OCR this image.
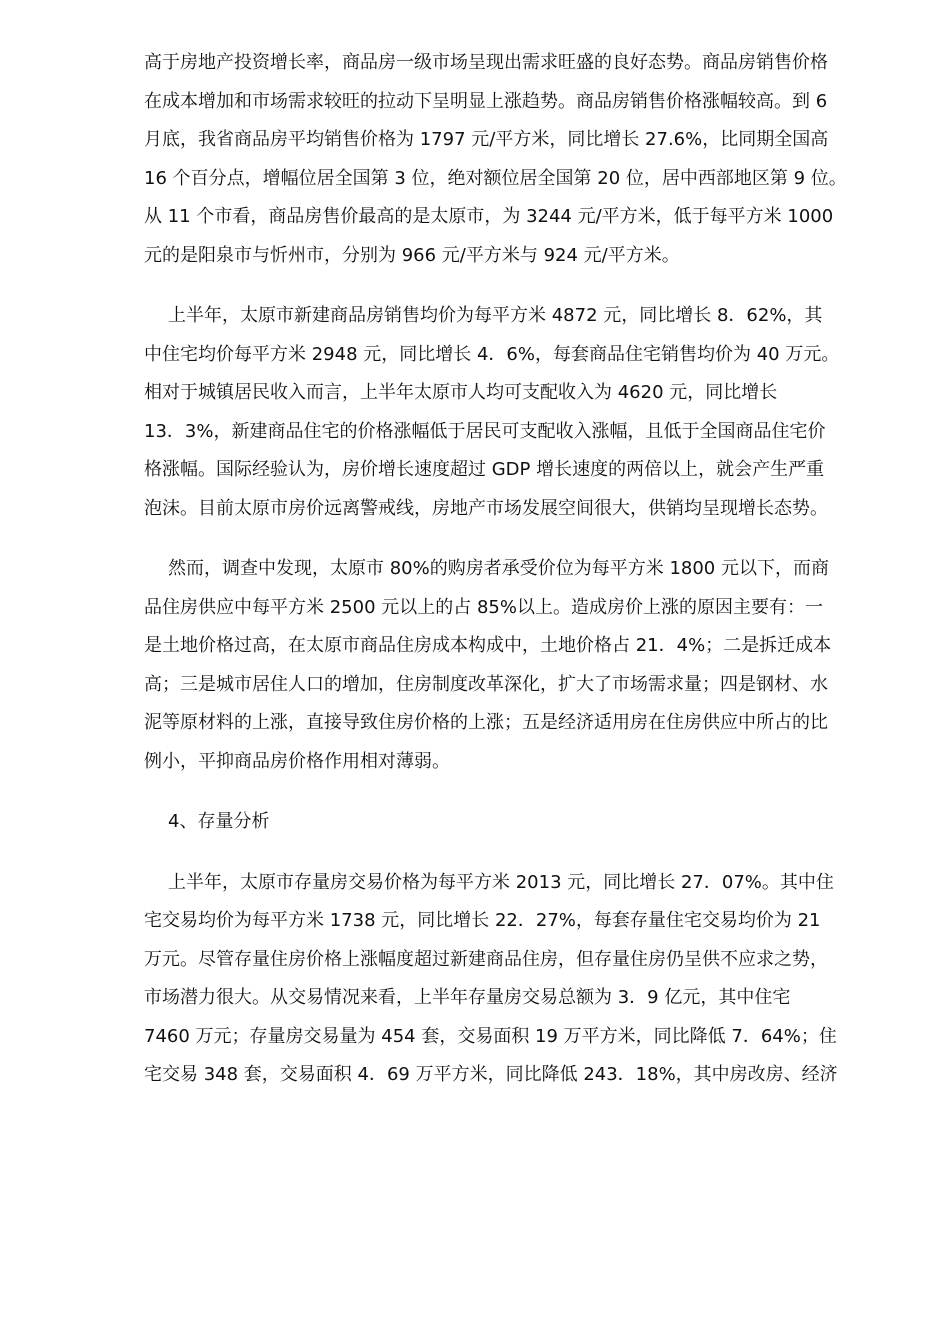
高于房地产投资增长率，商品房一级市场呈现出需求旺盛的良好态势。商品房销售价格
在成本增加和市场需求较旺的拉动下呈明显上涨趋势。商品房销售价格涨幅较高。到 6
月底，我省商品房平均销售价格为 1797 元/平方米，同比增长 27.6%，比同期全国高
16 个百分点，增幅位居全国第 3 位，绝对额位居全国第 20 位，居中西部地区第 9 位。
从 11 个市看，商品房售价最高的是太原市，为 3244 元/平方米，低于每平方米 1000
元的是阳泉市与忻州市，分别为 966 元/平方米与 924 元/平方米。
上半年，太原市新建商品房销售均价为每平方米 4872 元，同比增长 8．62%，其
中住宅均价每平方米 2948 元，同比增长 4．6%，每套商品住宅销售均价为 40 万元。
相对于城镇居民收入而言，上半年太原市人均可支配收入为 4620 元，同比增长
13．3%，新建商品住宅的价格涨幅低于居民可支配收入涨幅，且低于全国商品住宅价
格涨幅。国际经验认为，房价增长速度超过 GDP 增长速度的两倍以上，就会产生严重
泡沫。目前太原市房价远离警戒线，房地产市场发展空间很大，供销均呈现增长态势。
然而，调查中发现，太原市 80%的购房者承受价位为每平方米 1800 元以下，而商
品住房供应中每平方米 2500 元以上的占 85%以上。造成房价上涨的原因主要有：一
是土地价格过高，在太原市商品住房成本构成中，土地价格占 21．4%；二是拆迁成本
高；三是城市居住人口的增加，住房制度改革深化，扩大了市场需求量；四是钢材、水
泥等原材料的上涨，直接导致住房价格的上涨；五是经济适用房在住房供应中所占的比
例小，平抑商品房价格作用相对薄弱。
4、存量分析
上半年，太原市存量房交易价格为每平方米 2013 元，同比增长 27．07%。其中住
宅交易均价为每平方米 1738 元，同比增长 22．27%，每套存量住宅交易均价为 21
万元。尽管存量住房价格上涨幅度超过新建商品住房，但存量住房仍呈供不应求之势，
市场潜力很大。从交易情况来看，上半年存量房交易总额为 3．9 亿元，其中住宅
7460 万元；存量房交易量为 454 套，交易面积 19 万平方米，同比降低 7．64%；住
宅交易 348 套，交易面积 4．69 万平方米，同比降低 243．18%，其中房改房、经济
